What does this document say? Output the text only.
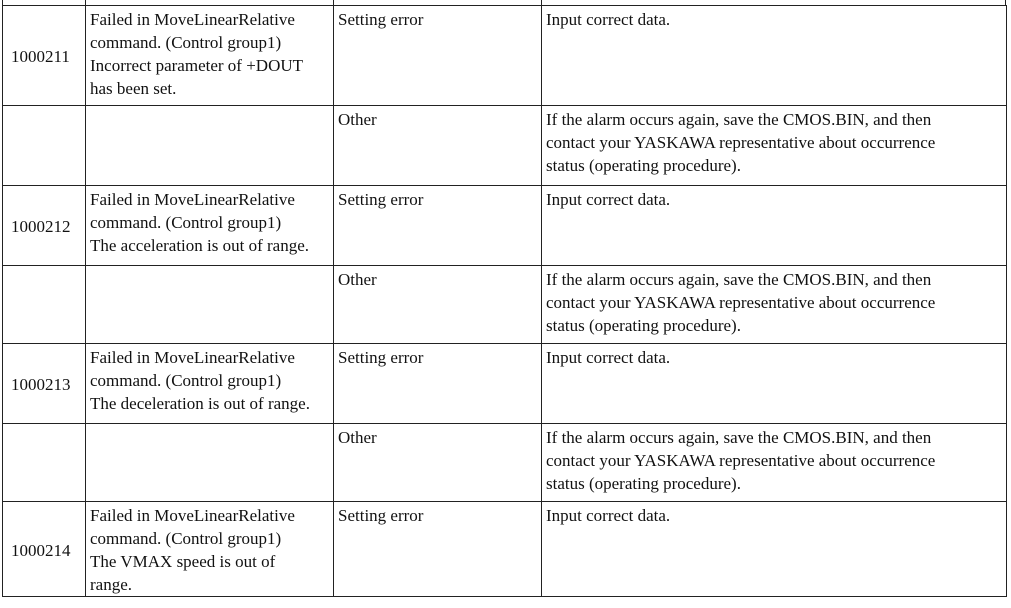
1000211	Failed in MoveLinearRelative
command. (Control group1)
Incorrect parameter of +DOUT
has been set.	Setting error	Input correct data.

		Other	If the alarm occurs again, save the CMOS.BIN, and then
contact your YASKAWA representative about occurrence
status (operating procedure).

1000212	Failed in MoveLinearRelative
command. (Control group1)
The acceleration is out of range.	Setting error	Input correct data.

		Other	If the alarm occurs again, save the CMOS.BIN, and then
contact your YASKAWA representative about occurrence
status (operating procedure).

1000213	Failed in MoveLinearRelative
command. (Control group1)
The deceleration is out of range.	Setting error	Input correct data.

		Other	If the alarm occurs again, save the CMOS.BIN, and then
contact your YASKAWA representative about occurrence
status (operating procedure).

1000214	Failed in MoveLinearRelative
command. (Control group1)
The VMAX speed is out of
range.	Setting error	Input correct data.
